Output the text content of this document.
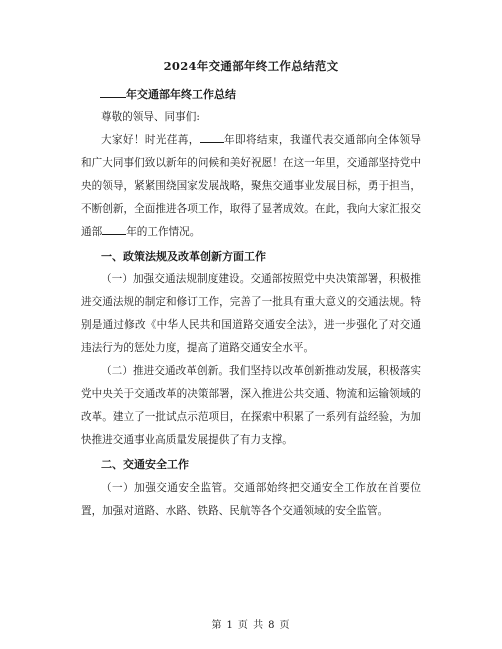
2024年交通部年终工作总结范文
年交通部年终工作总结
尊敬的领导、同事们:

大家好！时光荏苒， 年即将结束，我谨代表交通部向全体领导和广大同事们致以新年的问候和美好祝愿！在这一年里，交通部坚持党中央的领导，紧紧围绕国家发展战略，聚焦交通事业发展目标，勇于担当，不断创新，全面推进各项工作，取得了显著成效。在此，我向大家汇报交通部 年的工作情况。

一、政策法规及改革创新方面工作

（一）加强交通法规制度建设。交通部按照党中央决策部署，积极推进交通法规的制定和修订工作，完善了一批具有重大意义的交通法规。特别是通过修改《中华人民共和国道路交通安全法》，进一步强化了对交通违法行为的惩处力度，提高了道路交通安全水平。

（二）推进交通改革创新。我们坚持以改革创新推动发展，积极落实党中央关于交通改革的决策部署，深入推进公共交通、物流和运输领域的改革。建立了一批试点示范项目，在探索中积累了一系列有益经验，为加快推进交通事业高质量发展提供了有力支撑。

二、交通安全工作

（一）加强交通安全监管。交通部始终把交通安全工作放在首要位置，加强对道路、水路、铁路、民航等各个交通领域的安全监管。

第 1 页 共 8 页
